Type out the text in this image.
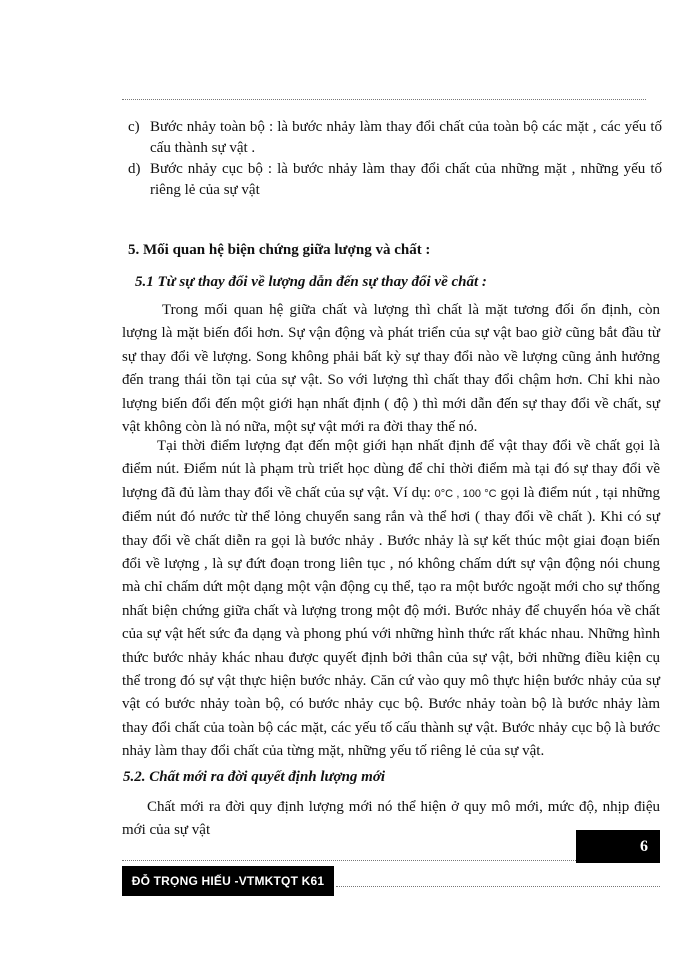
c) Bước nhảy toàn bộ : là bước nhảy làm thay đổi chất của toàn bộ các mặt , các yếu tố cấu thành sự vật .
d) Bước nhảy cục bộ : là bước nhảy làm thay đổi chất của những mặt , những yếu tố riêng lẻ của sự vật
5. Mối quan hệ biện chứng giữa lượng và chất :
5.1 Từ sự thay đổi về lượng dẫn đến sự thay đổi về chất :

Trong mối quan hệ giữa chất và lượng thì chất là mặt tương đối ổn định, còn lượng là mặt biến đổi hơn. Sự vận động và phát triển của sự vật bao giờ cũng bắt đầu từ sự thay đổi về lượng. Song không phải bất kỳ sự thay đổi nào về lượng cũng ảnh hưởng đến trang thái tồn tại của sự vật. So với lượng thì chất thay đổi chậm hơn. Chỉ khi nào lượng biến đổi đến một giới hạn nhất định ( độ ) thì mới dẫn đến sự thay đổi về chất, sự vật không còn là nó nữa, một sự vật mới ra đời thay thế nó.

Tại thời điểm lượng đạt đến một giới hạn nhất định để vật thay đổi về chất gọi là điểm nút. Điểm nút là phạm trù triết học dùng để chỉ thời điểm mà tại đó sự thay đổi về lượng đã đủ làm thay đổi về chất của sự vật. Ví dụ: 0°C , 100 °C gọi là điểm nút , tại những điểm nút đó nước từ thể lỏng chuyển sang rắn và thể hơi ( thay đổi về chất ). Khi có sự thay đổi về chất diễn ra gọi là bước nhảy . Bước nhảy là sự kết thúc một giai đoạn biến đổi về lượng , là sự đứt đoạn trong liên tục , nó không chấm dứt sự vận động nói chung mà chỉ chấm dứt một dạng một vận động cụ thể, tạo ra một bước ngoặt mới cho sự thống nhất biện chứng giữa chất và lượng trong một độ mới. Bước nhảy để chuyển hóa về chất của sự vật hết sức đa dạng và phong phú với những hình thức rất khác nhau. Những hình thức bước nhảy khác nhau được quyết định bởi thân của sự vật, bởi những điều kiện cụ thể trong đó sự vật thực hiện bước nhảy. Căn cứ vào quy mô thực hiện bước nhảy của sự vật có bước nhảy toàn bộ, có bước nhảy cục bộ. Bước nhảy toàn bộ là bước nhảy làm thay đổi chất của toàn bộ các mặt, các yếu tố cấu thành sự vật. Bước nhảy cục bộ là bước nhảy làm thay đổi chất của từng mặt, những yếu tố riêng lẻ của sự vật.

5.2. Chất mới ra đời quyết định lượng mới

Chất mới ra đời quy định lượng mới nó thể hiện ở quy mô mới, mức độ, nhịp điệu mới của sự vật

6
ĐỖ TRỌNG HIẾU -VTMKTQT K61
